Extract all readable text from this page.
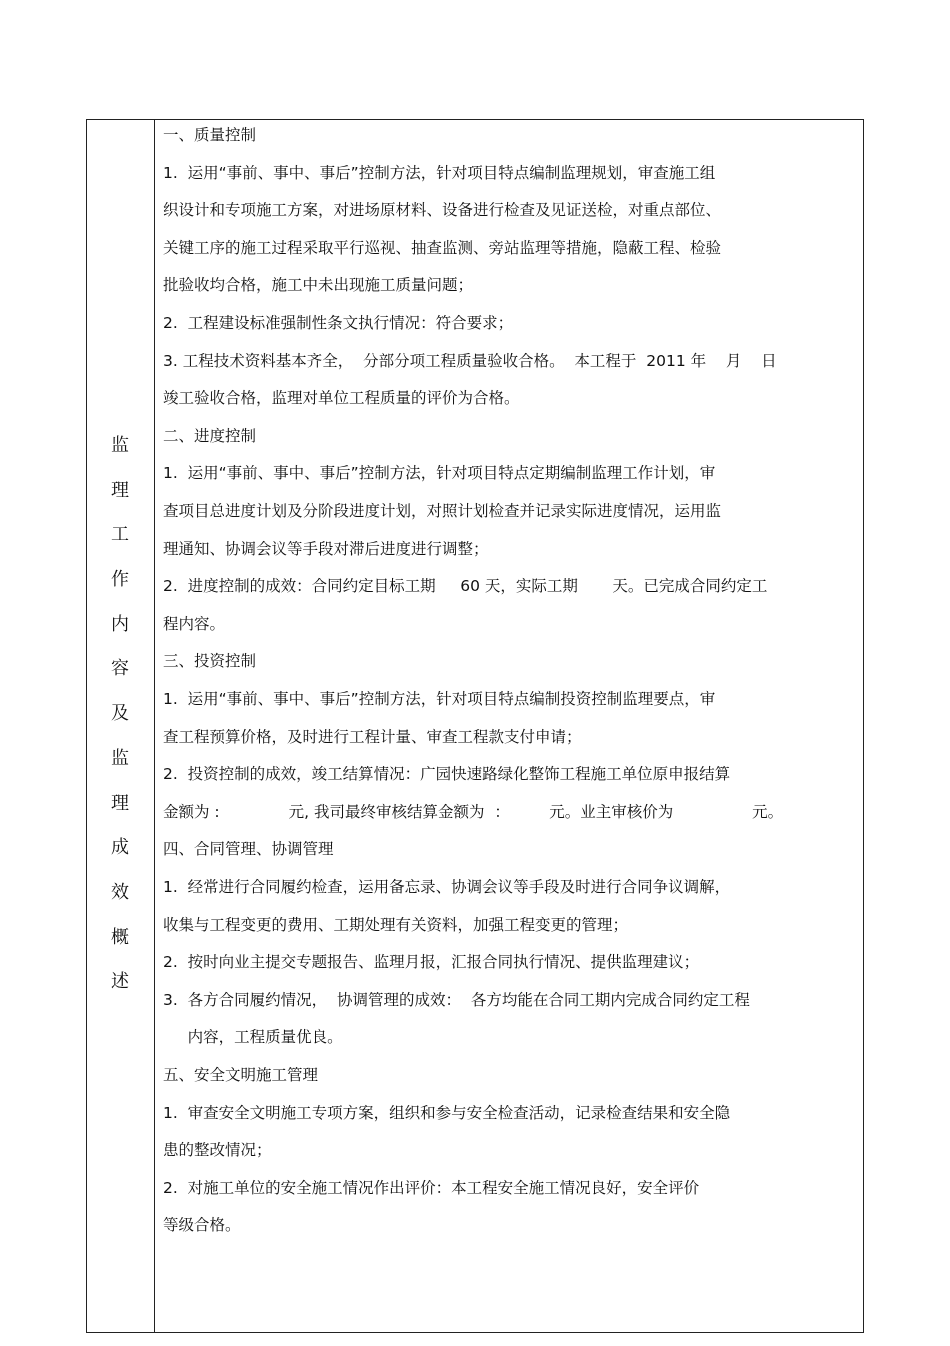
监
理
工
作
内
容
及
监
理
成
效
概
述
一、质量控制
1.  运用“事前、事中、事后”控制方法，针对项目特点编制监理规划，审查施工组
织设计和专项施工方案，对进场原材料、设备进行检查及见证送检，对重点部位、
关键工序的施工过程采取平行巡视、抽查监测、旁站监理等措施，隐蔽工程、检验
批验收均合格，施工中未出现施工质量问题；
2.  工程建设标准强制性条文执行情况：符合要求；
3. 工程技术资料基本齐全，  分部分项工程质量验收合格。  本工程于  2011 年    月    日
竣工验收合格，监理对单位工程质量的评价为合格。
二、进度控制
1.  运用“事前、事中、事后”控制方法，针对项目特点定期编制监理工作计划，审
查项目总进度计划及分阶段进度计划，对照计划检查并记录实际进度情况，运用监
理通知、协调会议等手段对滞后进度进行调整；
2.  进度控制的成效：合同约定目标工期     60 天，实际工期       天。已完成合同约定工
程内容。
三、投资控制
1.  运用“事前、事中、事后”控制方法，针对项目特点编制投资控制监理要点，审
查工程预算价格，及时进行工程计量、审查工程款支付申请；
2.  投资控制的成效，竣工结算情况：广园快速路绿化整饰工程施工单位原申报结算
金额为 :              元, 我司最终审核结算金额为  ：        元。业主审核价为                元。
四、合同管理、协调管理
1.  经常进行合同履约检查，运用备忘录、协调会议等手段及时进行合同争议调解，
收集与工程变更的费用、工期处理有关资料，加强工程变更的管理；
2.  按时向业主提交专题报告、监理月报，汇报合同执行情况、提供监理建议；
3.  各方合同履约情况，  协调管理的成效：  各方均能在合同工期内完成合同约定工程
内容，工程质量优良。
五、安全文明施工管理
1.  审查安全文明施工专项方案，组织和参与安全检查活动，记录检查结果和安全隐
患的整改情况；
2.  对施工单位的安全施工情况作出评价：本工程安全施工情况良好，安全评价
等级合格。
